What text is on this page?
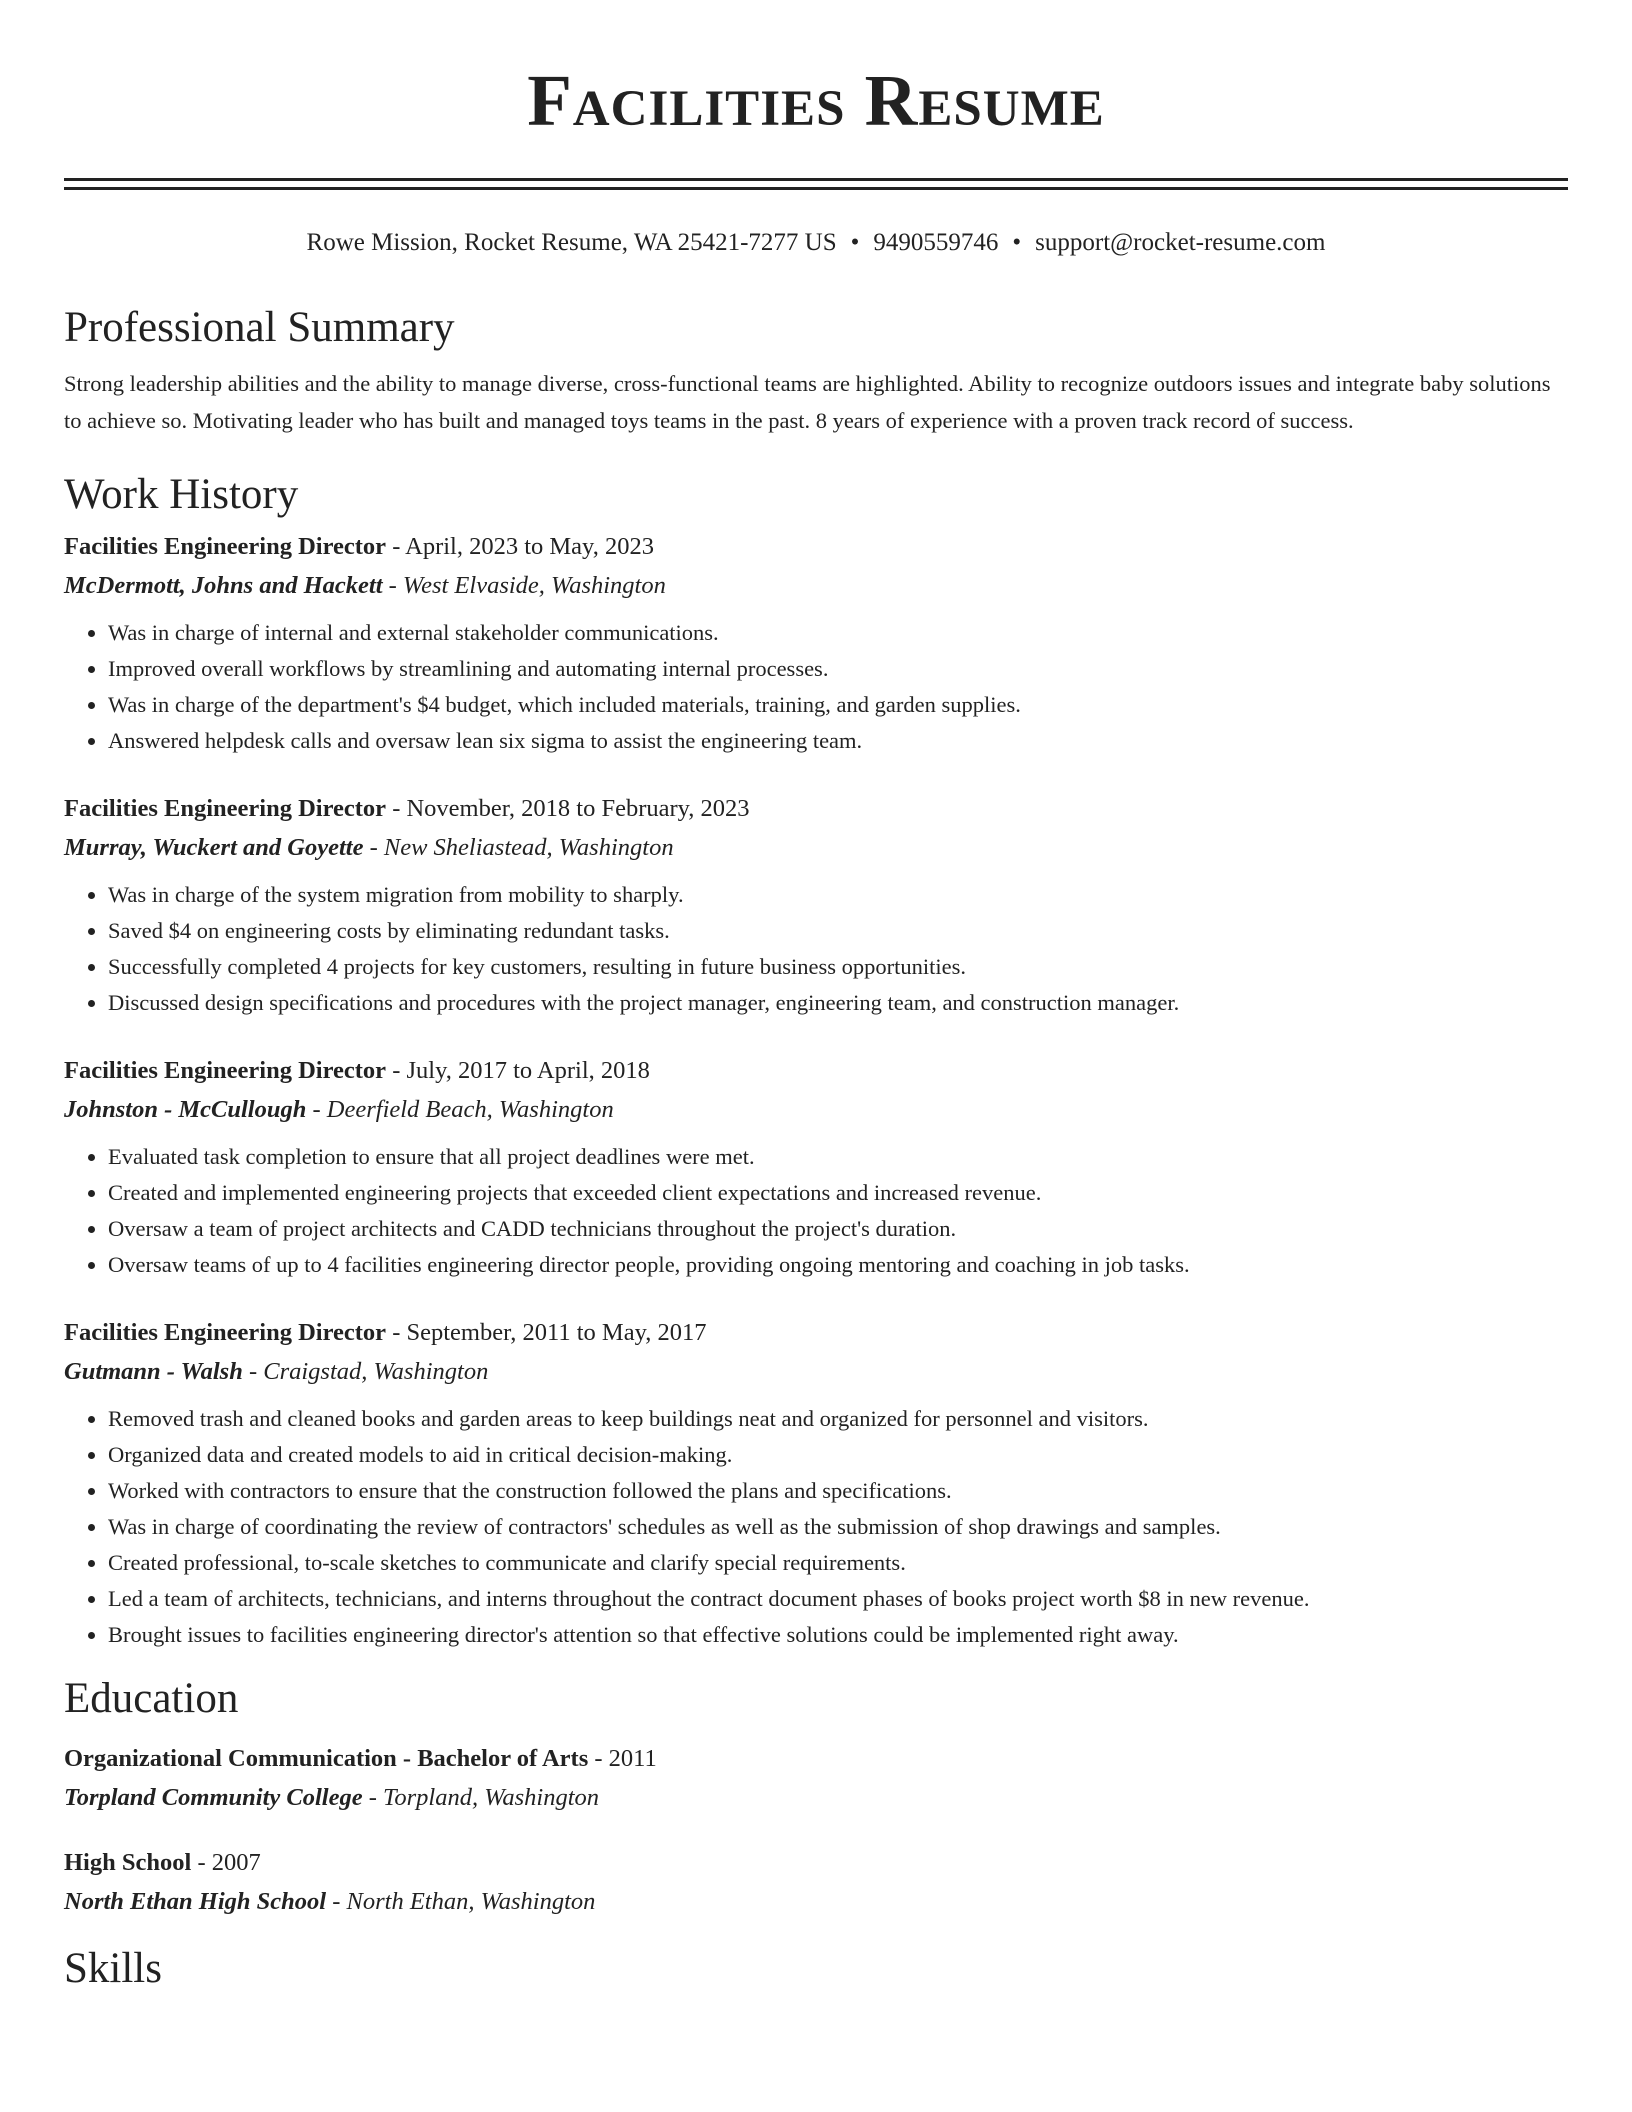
Facilities Resume
Rowe Mission, Rocket Resume, WA 25421-7277 US • 9490559746 • support@rocket-resume.com
Professional Summary

Strong leadership abilities and the ability to manage diverse, cross-functional teams are highlighted. Ability to recognize outdoors issues and integrate baby solutions to achieve so. Motivating leader who has built and managed toys teams in the past. 8 years of experience with a proven track record of success.

Work History
Facilities Engineering Director - April, 2023 to May, 2023
McDermott, Johns and Hackett - West Elvaside, Washington
• Was in charge of internal and external stakeholder communications.
• Improved overall workflows by streamlining and automating internal processes.
• Was in charge of the department's $4 budget, which included materials, training, and garden supplies.
• Answered helpdesk calls and oversaw lean six sigma to assist the engineering team.
Facilities Engineering Director - November, 2018 to February, 2023
Murray, Wuckert and Goyette - New Sheliastead, Washington
• Was in charge of the system migration from mobility to sharply.
• Saved $4 on engineering costs by eliminating redundant tasks.
• Successfully completed 4 projects for key customers, resulting in future business opportunities.
• Discussed design specifications and procedures with the project manager, engineering team, and construction manager.
Facilities Engineering Director - July, 2017 to April, 2018
Johnston - McCullough - Deerfield Beach, Washington
• Evaluated task completion to ensure that all project deadlines were met.
• Created and implemented engineering projects that exceeded client expectations and increased revenue.
• Oversaw a team of project architects and CADD technicians throughout the project's duration.
• Oversaw teams of up to 4 facilities engineering director people, providing ongoing mentoring and coaching in job tasks.
Facilities Engineering Director - September, 2011 to May, 2017
Gutmann - Walsh - Craigstad, Washington
• Removed trash and cleaned books and garden areas to keep buildings neat and organized for personnel and visitors.
• Organized data and created models to aid in critical decision-making.
• Worked with contractors to ensure that the construction followed the plans and specifications.
• Was in charge of coordinating the review of contractors' schedules as well as the submission of shop drawings and samples.
• Created professional, to-scale sketches to communicate and clarify special requirements.
• Led a team of architects, technicians, and interns throughout the contract document phases of books project worth $8 in new revenue.
• Brought issues to facilities engineering director's attention so that effective solutions could be implemented right away.
Education
Organizational Communication - Bachelor of Arts - 2011
Torpland Community College - Torpland, Washington
High School - 2007
North Ethan High School - North Ethan, Washington
Skills
